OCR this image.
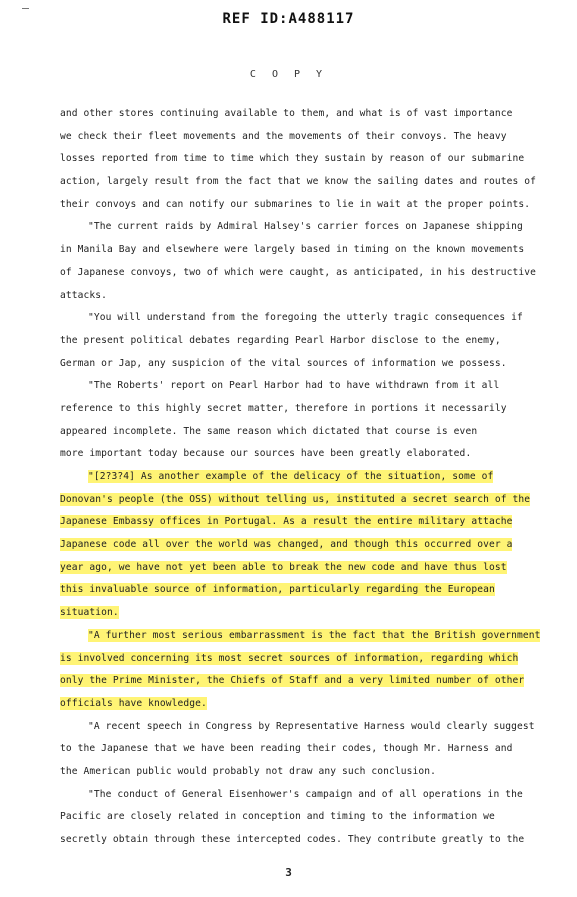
REF ID:A488117
C O P Y
and other stores continuing available to them, and what is of vast importance
we check their fleet movements and the movements of their convoys. The heavy
losses reported from time to time which they sustain by reason of our submarine
action, largely result from the fact that we know the sailing dates and routes of
their convoys and can notify our submarines to lie in wait at the proper points.
"The current raids by Admiral Halsey's carrier forces on Japanese shipping
in Manila Bay and elsewhere were largely based in timing on the known movements
of Japanese convoys, two of which were caught, as anticipated, in his destructive
attacks.
"You will understand from the foregoing the utterly tragic consequences if
the present political debates regarding Pearl Harbor disclose to the enemy,
German or Jap, any suspicion of the vital sources of information we possess.
"The Roberts' report on Pearl Harbor had to have withdrawn from it all
reference to this highly secret matter, therefore in portions it necessarily
appeared incomplete. The same reason which dictated that course is even
more important today because our sources have been greatly elaborated.
"[2?3?4] As another example of the delicacy of the situation, some of
Donovan's people (the OSS) without telling us, instituted a secret search of the
Japanese Embassy offices in Portugal. As a result the entire military attache
Japanese code all over the world was changed, and though this occurred over a
year ago, we have not yet been able to break the new code and have thus lost
this invaluable source of information, particularly regarding the European
situation.
"A further most serious embarrassment is the fact that the British government
is involved concerning its most secret sources of information, regarding which
only the Prime Minister, the Chiefs of Staff and a very limited number of other
officials have knowledge.
"A recent speech in Congress by Representative Harness would clearly suggest
to the Japanese that we have been reading their codes, though Mr. Harness and
the American public would probably not draw any such conclusion.
"The conduct of General Eisenhower's campaign and of all operations in the
Pacific are closely related in conception and timing to the information we
secretly obtain through these intercepted codes. They contribute greatly to the
3
